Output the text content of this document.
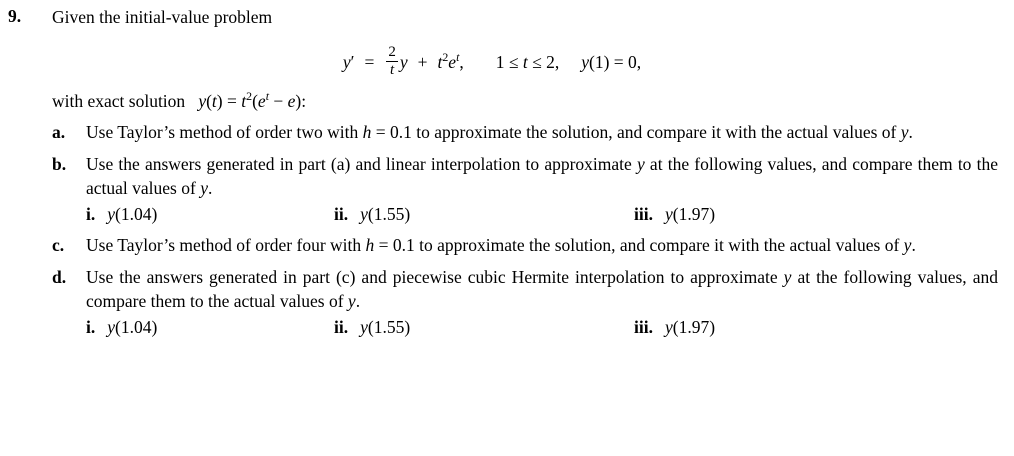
9.	Given the initial-value problem
$y' = \frac{2}{t}$ $y + t^2e^t$, 1 ≤ t ≤ 2, y(1) = 0,
with exact solution $y(t) = t^2(e^t - e)$:
a.	Use Taylor’s method of order two with h = 0.1 to approximate the solution, and compare it with the actual values of y.
b.	Use the answers generated in part (a) and linear interpolation to approximate y at the following values, and compare them to the actual values of y.
i. y(1.04)	ii. y(1.55)	iii. y(1.97)
c.	Use Taylor’s method of order four with h = 0.1 to approximate the solution, and compare it with the actual values of y.
d.	Use the answers generated in part (c) and piecewise cubic Hermite interpolation to approximate y at the following values, and compare them to the actual values of y.
i. y(1.04)	ii. y(1.55)	iii. y(1.97)
